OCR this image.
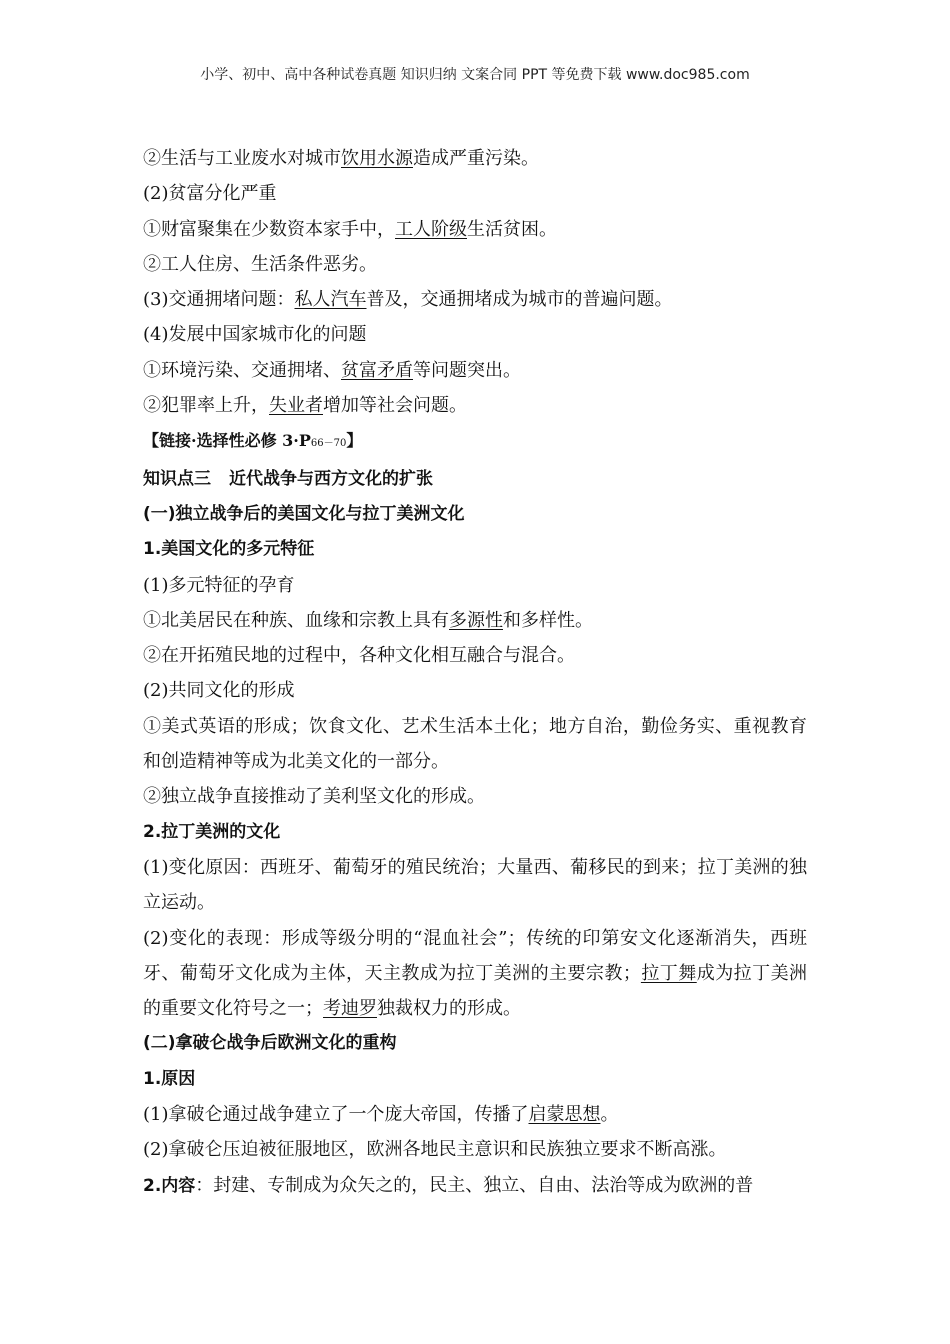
小学、初中、高中各种试卷真题 知识归纳 文案合同 PPT 等免费下载 www.doc985.com
②生活与工业废水对城市饮用水源造成严重污染。
(2)贫富分化严重
①财富聚集在少数资本家手中，工人阶级生活贫困。
②工人住房、生活条件恶劣。
(3)交通拥堵问题：私人汽车普及，交通拥堵成为城市的普遍问题。
(4)发展中国家城市化的问题
①环境污染、交通拥堵、贫富矛盾等问题突出。
②犯罪率上升，失业者增加等社会问题。
【链接·选择性必修 3·P66－70】
知识点三 近代战争与西方文化的扩张
(一)独立战争后的美国文化与拉丁美洲文化
1.美国文化的多元特征
(1)多元特征的孕育
①北美居民在种族、血缘和宗教上具有多源性和多样性。
②在开拓殖民地的过程中，各种文化相互融合与混合。
(2)共同文化的形成
①美式英语的形成；饮食文化、艺术生活本土化；地方自治，勤俭务实、重视教育和创造精神等成为北美文化的一部分。
②独立战争直接推动了美利坚文化的形成。
2.拉丁美洲的文化
(1)变化原因：西班牙、葡萄牙的殖民统治；大量西、葡移民的到来；拉丁美洲的独立运动。
(2)变化的表现：形成等级分明的“混血社会”；传统的印第安文化逐渐消失，西班牙、葡萄牙文化成为主体，天主教成为拉丁美洲的主要宗教；拉丁舞成为拉丁美洲的重要文化符号之一；考迪罗独裁权力的形成。
(二)拿破仑战争后欧洲文化的重构
1.原因
(1)拿破仑通过战争建立了一个庞大帝国，传播了启蒙思想。
(2)拿破仑压迫被征服地区，欧洲各地民主意识和民族独立要求不断高涨。
2.内容：封建、专制成为众矢之的，民主、独立、自由、法治等成为欧洲的普
